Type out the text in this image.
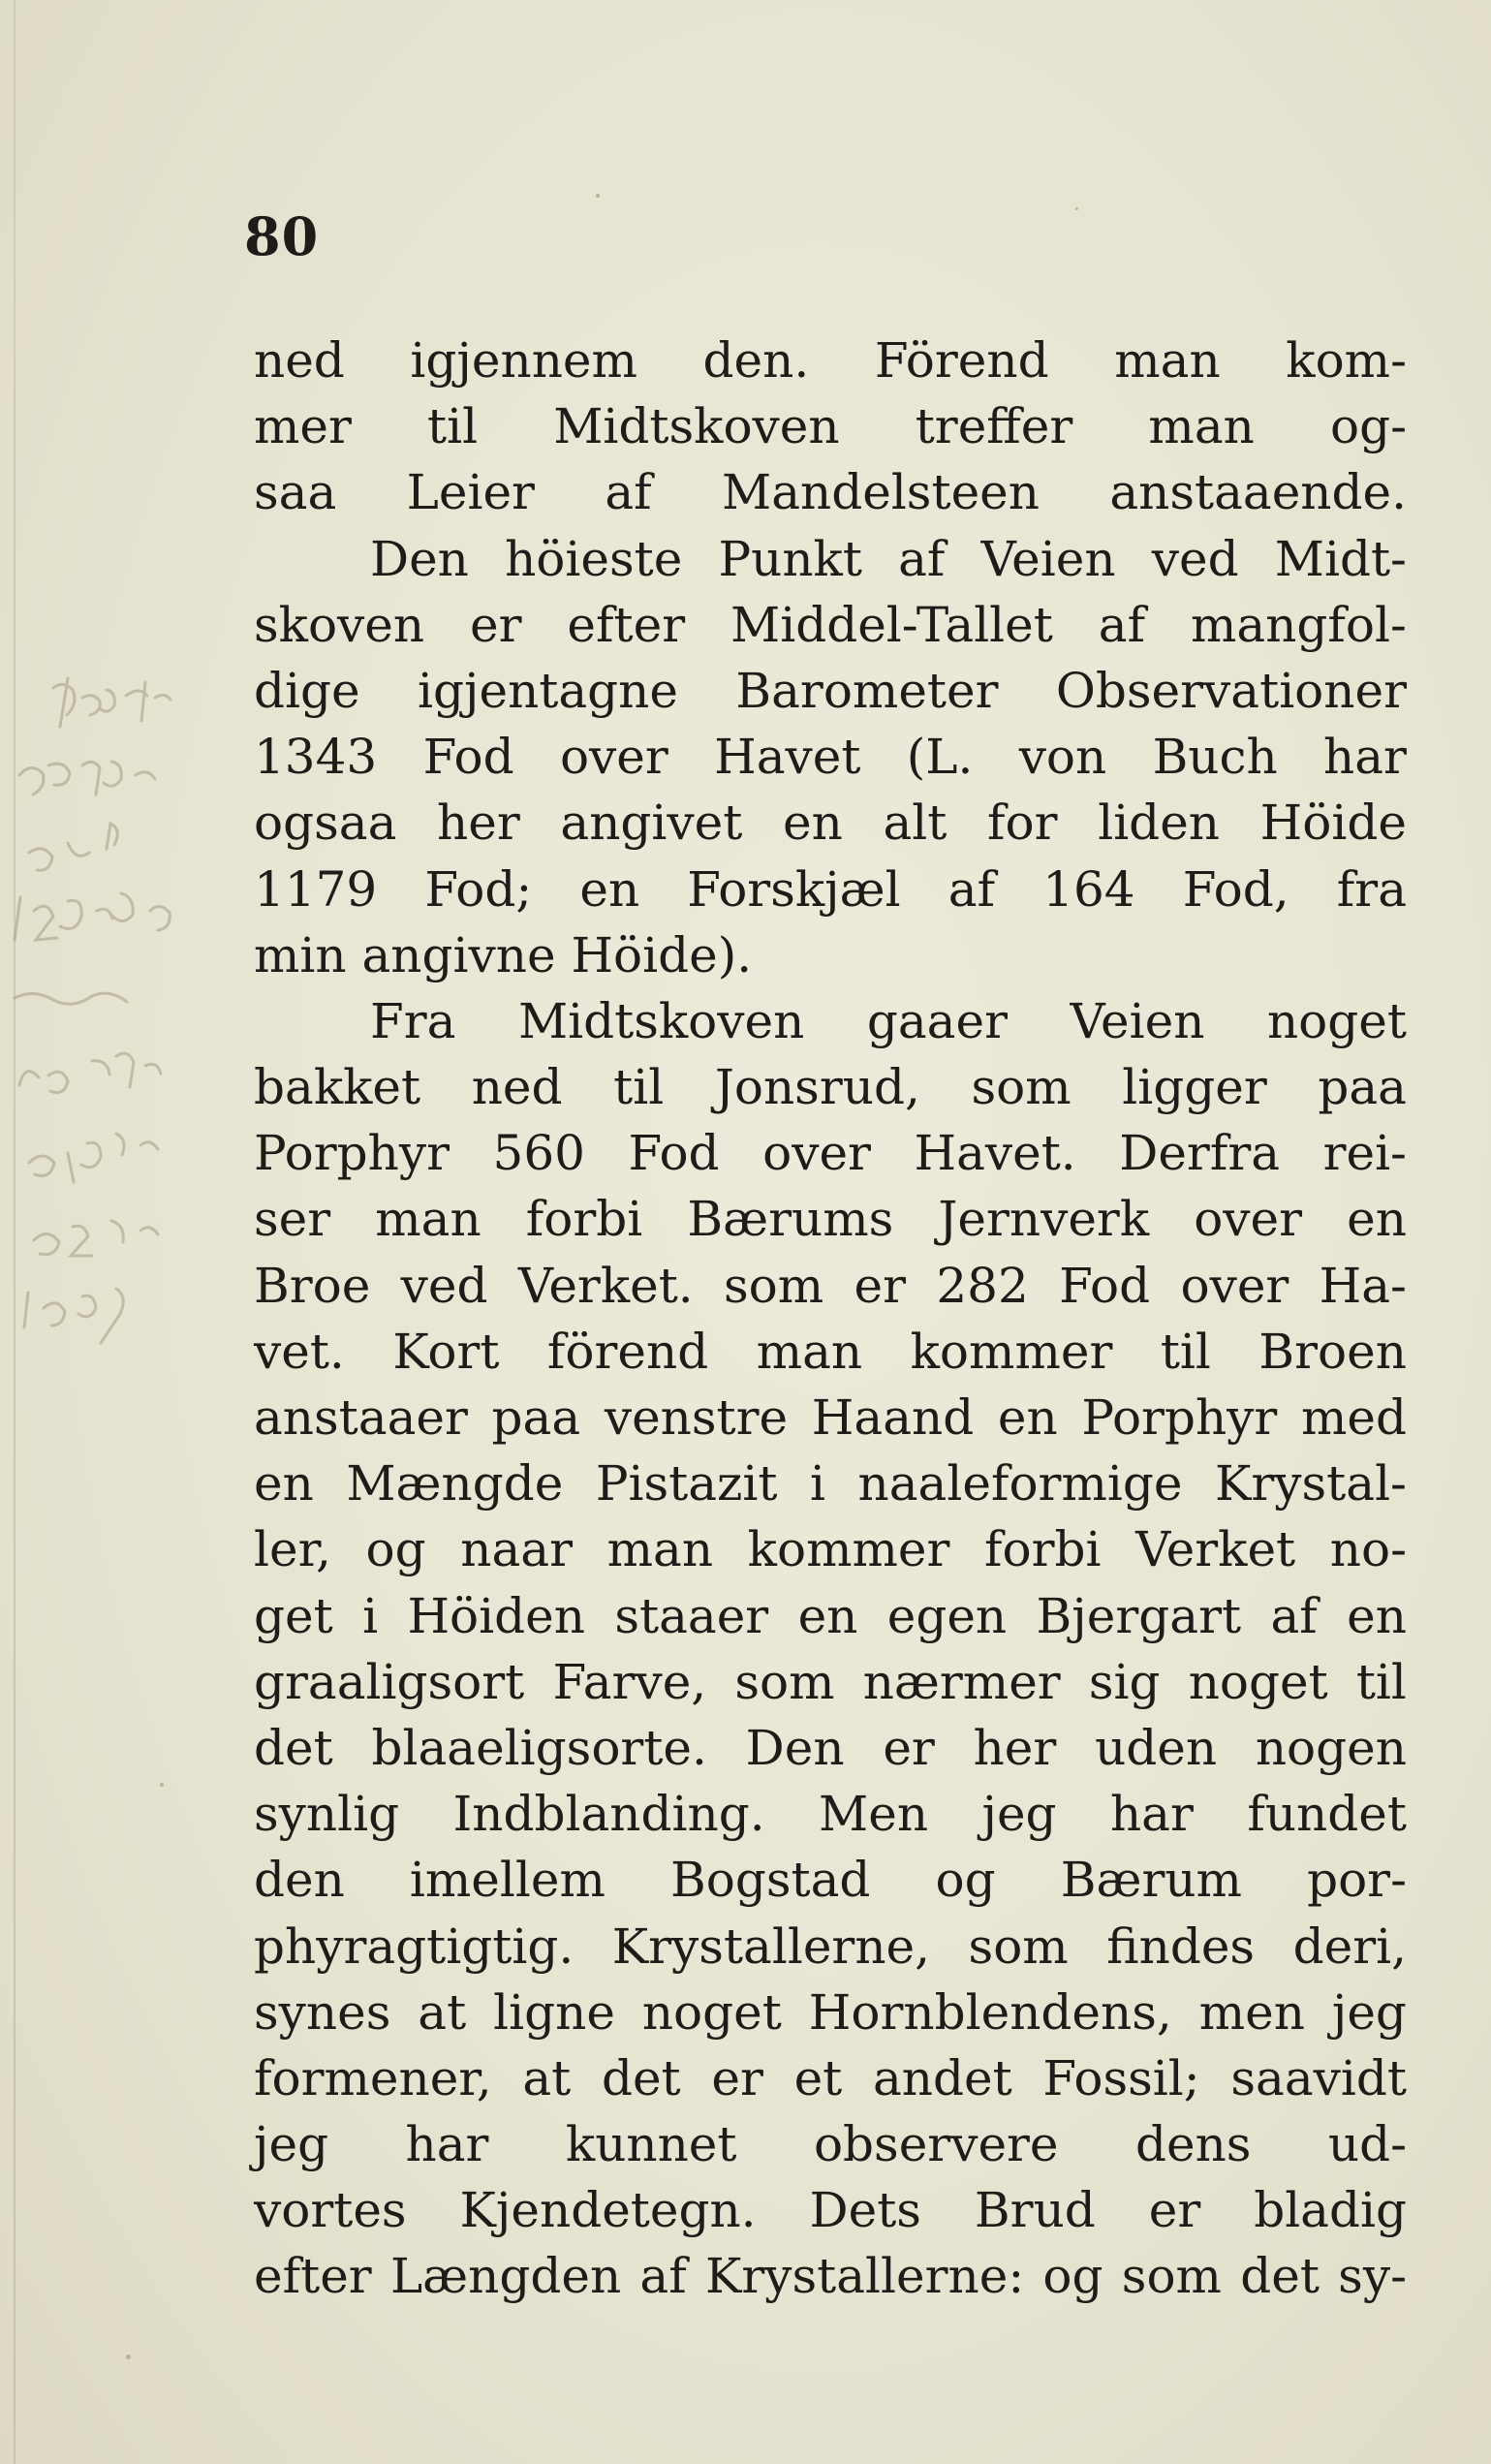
80
ned igjennem den. Förend man kom-
mer til Midtskoven treffer man og-
saa Leier af Mandelsteen anstaaende.
Den höieste Punkt af Veien ved Midt-
skoven er efter Middel-Tallet af mangfol-
dige igjentagne Barometer Observationer
1343 Fod over Havet (L. von Buch har
ogsaa her angivet en alt for liden Höide
1179 Fod; en Forskjæl af 164 Fod, fra
min angivne Höide).
Fra Midtskoven gaaer Veien noget
bakket ned til Jonsrud, som ligger paa
Porphyr 560 Fod over Havet. Derfra rei-
ser man forbi Bærums Jernverk over en
Broe ved Verket. som er 282 Fod over Ha-
vet. Kort förend man kommer til Broen
anstaaer paa venstre Haand en Porphyr med
en Mængde Pistazit i naaleformige Krystal-
ler, og naar man kommer forbi Verket no-
get i Höiden staaer en egen Bjergart af en
graaligsort Farve, som nærmer sig noget til
det blaaeligsorte. Den er her uden nogen
synlig Indblanding. Men jeg har fundet
den imellem Bogstad og Bærum por-
phyragtigtig. Krystallerne, som findes deri,
synes at ligne noget Hornblendens, men jeg
formener, at det er et andet Fossil; saavidt
jeg har kunnet observere dens ud-
vortes Kjendetegn. Dets Brud er bladig
efter Længden af Krystallerne: og som det sy-
